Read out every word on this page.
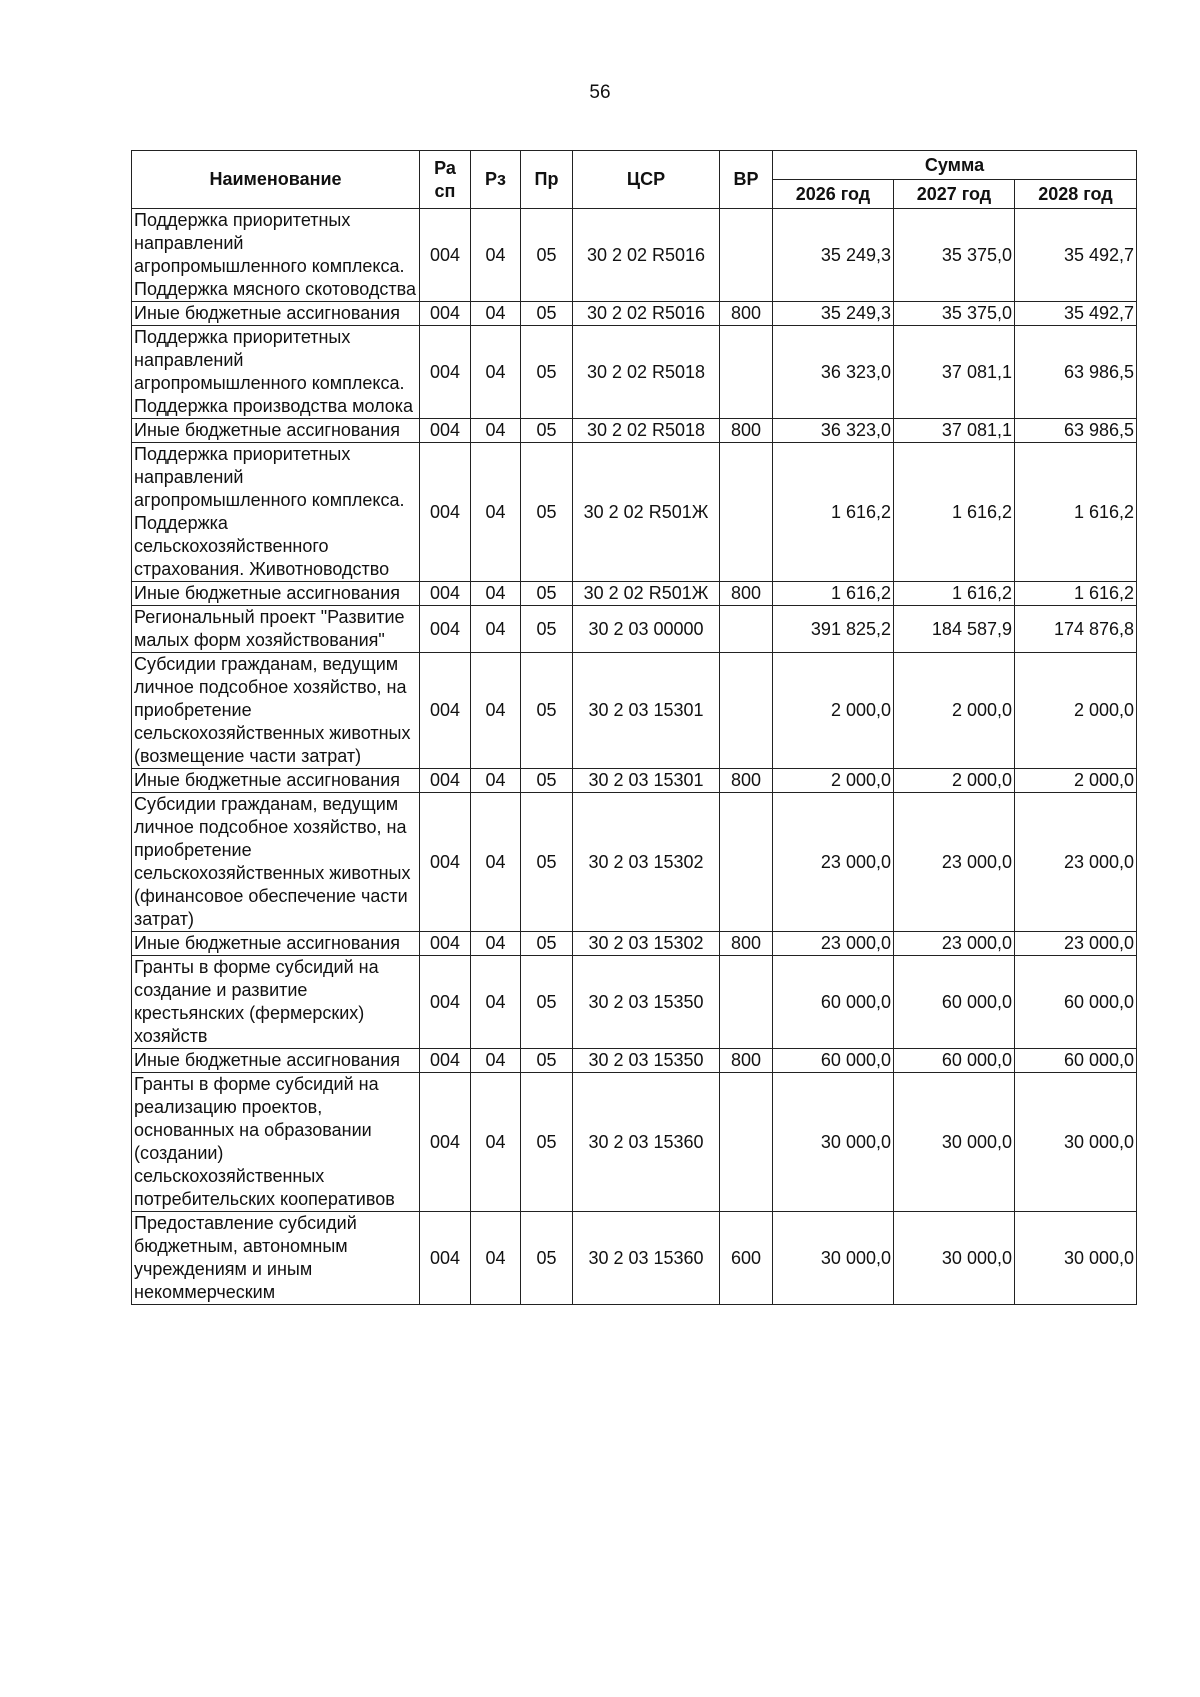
56
Наименование	Ра сп	Рз	Пр	ЦСР	ВР	Сумма		
						2026 год	2027 год	2028 год
Поддержка приоритетных направлений агропромышленного комплекса. Поддержка мясного скотоводства	004	04	05	30 2 02 R5016		35 249,3	35 375,0	35 492,7
Иные бюджетные ассигнования	004	04	05	30 2 02 R5016	800	35 249,3	35 375,0	35 492,7
Поддержка приоритетных направлений агропромышленного комплекса. Поддержка производства молока	004	04	05	30 2 02 R5018		36 323,0	37 081,1	63 986,5
Иные бюджетные ассигнования	004	04	05	30 2 02 R5018	800	36 323,0	37 081,1	63 986,5
Поддержка приоритетных направлений агропромышленного комплекса. Поддержка сельскохозяйственного страхования. Животноводство	004	04	05	30 2 02 R501Ж		1 616,2	1 616,2	1 616,2
Иные бюджетные ассигнования	004	04	05	30 2 02 R501Ж	800	1 616,2	1 616,2	1 616,2
Региональный проект "Развитие малых форм хозяйствования"	004	04	05	30 2 03 00000		391 825,2	184 587,9	174 876,8
Субсидии гражданам, ведущим личное подсобное хозяйство, на приобретение сельскохозяйственных животных (возмещение части затрат)	004	04	05	30 2 03 15301		2 000,0	2 000,0	2 000,0
Иные бюджетные ассигнования	004	04	05	30 2 03 15301	800	2 000,0	2 000,0	2 000,0
Субсидии гражданам, ведущим личное подсобное хозяйство, на приобретение сельскохозяйственных животных (финансовое обеспечение части затрат)	004	04	05	30 2 03 15302		23 000,0	23 000,0	23 000,0
Иные бюджетные ассигнования	004	04	05	30 2 03 15302	800	23 000,0	23 000,0	23 000,0
Гранты в форме субсидий на создание и развитие крестьянских (фермерских) хозяйств	004	04	05	30 2 03 15350		60 000,0	60 000,0	60 000,0
Иные бюджетные ассигнования	004	04	05	30 2 03 15350	800	60 000,0	60 000,0	60 000,0
Гранты в форме субсидий на реализацию проектов, основанных на образовании (создании) сельскохозяйственных потребительских кооперативов	004	04	05	30 2 03 15360		30 000,0	30 000,0	30 000,0
Предоставление субсидий бюджетным, автономным учреждениям и иным некоммерческим	004	04	05	30 2 03 15360	600	30 000,0	30 000,0	30 000,0
